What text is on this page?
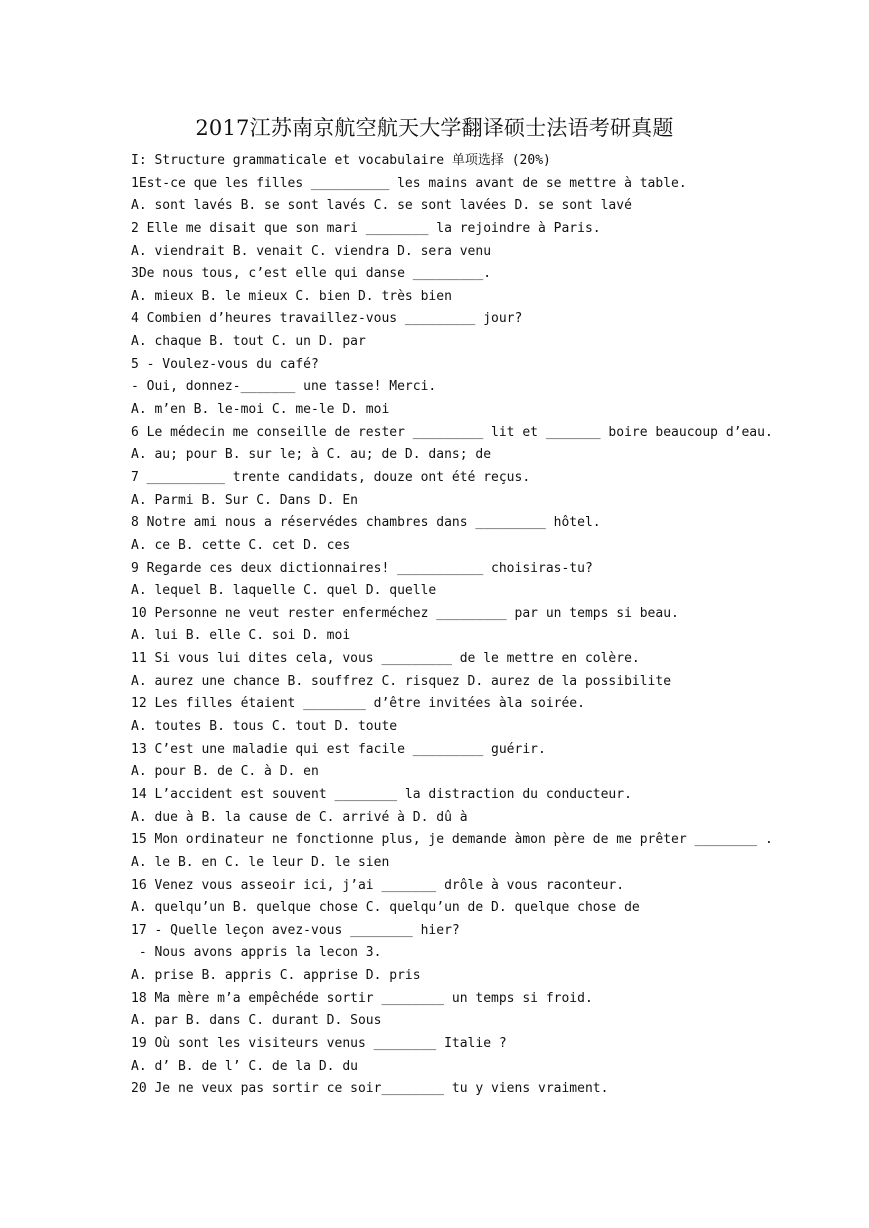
2017江苏南京航空航天大学翻译硕士法语考研真题
I: Structure grammaticale et vocabulaire 单项选择 (20%)
1Est-ce que les filles __________ les mains avant de se mettre à table.
A. sont lavés B. se sont lavés C. se sont lavées D. se sont lavé
2 Elle me disait que son mari ________ la rejoindre à Paris.
A. viendrait B. venait C. viendra D. sera venu
3De nous tous, c’est elle qui danse _________.
A. mieux B. le mieux C. bien D. très bien
4 Combien d’heures travaillez-vous _________ jour?
A. chaque B. tout C. un D. par
5 - Voulez-vous du café?
- Oui, donnez-_______ une tasse! Merci.
A. m’en B. le-moi C. me-le D. moi
6 Le médecin me conseille de rester _________ lit et _______ boire beaucoup d’eau.
A. au; pour B. sur le; à C. au; de D. dans; de
7 __________ trente candidats, douze ont été reçus.
A. Parmi B. Sur C. Dans D. En
8 Notre ami nous a réservédes chambres dans _________ hôtel.
A. ce B. cette C. cet D. ces
9 Regarde ces deux dictionnaires! ___________ choisiras-tu?
A. lequel B. laquelle C. quel D. quelle
10 Personne ne veut rester enferméchez _________ par un temps si beau.
A. lui B. elle C. soi D. moi
11 Si vous lui dites cela, vous _________ de le mettre en colère.
A. aurez une chance B. souffrez C. risquez D. aurez de la possibilite
12 Les filles étaient ________ d’être invitées àla soirée.
A. toutes B. tous C. tout D. toute
13 C’est une maladie qui est facile _________ guérir.
A. pour B. de C. à D. en
14 L’accident est souvent ________ la distraction du conducteur.
A. due à B. la cause de C. arrivé à D. dû à
15 Mon ordinateur ne fonctionne plus, je demande àmon père de me prêter ________ .
A. le B. en C. le leur D. le sien
16 Venez vous asseoir ici, j’ai _______ drôle à vous raconteur.
A. quelqu’un B. quelque chose C. quelqu’un de D. quelque chose de
17 - Quelle leçon avez-vous ________ hier?
- Nous avons appris la lecon 3.
A. prise B. appris C. apprise D. pris
18 Ma mère m’a empêchéde sortir ________ un temps si froid.
A. par B. dans C. durant D. Sous
19 Où sont les visiteurs venus ________ Italie ?
A. d’ B. de l’ C. de la D. du
20 Je ne veux pas sortir ce soir________ tu y viens vraiment.
